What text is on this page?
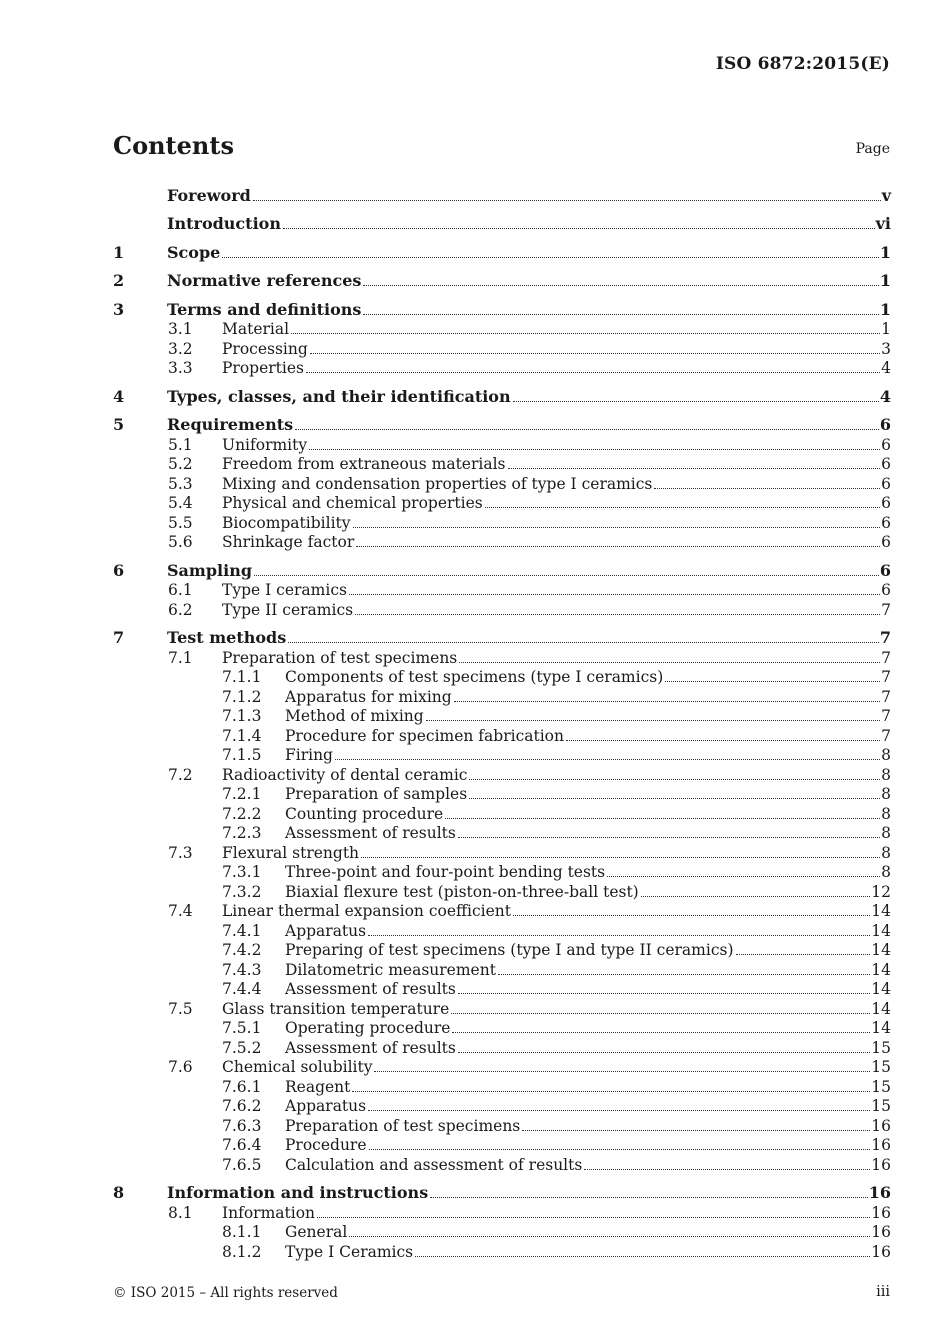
ISO 6872:2015(E)
Contents	Page
Foreword	v
Introduction	vi
1	Scope	1
2	Normative references	1
3	Terms and definitions	1
3.1	Material	1
3.2	Processing	3
3.3	Properties	4
4	Types, classes, and their identification	4
5	Requirements	6
5.1	Uniformity	6
5.2	Freedom from extraneous materials	6
5.3	Mixing and condensation properties of type I ceramics	6
5.4	Physical and chemical properties	6
5.5	Biocompatibility	6
5.6	Shrinkage factor	6
6	Sampling	6
6.1	Type I ceramics	6
6.2	Type II ceramics	7
7	Test methods	7
7.1	Preparation of test specimens	7
7.1.1	Components of test specimens (type I ceramics)	7
7.1.2	Apparatus for mixing	7
7.1.3	Method of mixing	7
7.1.4	Procedure for specimen fabrication	7
7.1.5	Firing	8
7.2	Radioactivity of dental ceramic	8
7.2.1	Preparation of samples	8
7.2.2	Counting procedure	8
7.2.3	Assessment of results	8
7.3	Flexural strength	8
7.3.1	Three-point and four-point bending tests	8
7.3.2	Biaxial flexure test (piston-on-three-ball test)	12
7.4	Linear thermal expansion coefficient	14
7.4.1	Apparatus	14
7.4.2	Preparing of test specimens (type I and type II ceramics)	14
7.4.3	Dilatometric measurement	14
7.4.4	Assessment of results	14
7.5	Glass transition temperature	14
7.5.1	Operating procedure	14
7.5.2	Assessment of results	15
7.6	Chemical solubility	15
7.6.1	Reagent	15
7.6.2	Apparatus	15
7.6.3	Preparation of test specimens	16
7.6.4	Procedure	16
7.6.5	Calculation and assessment of results	16
8	Information and instructions	16
8.1	Information	16
8.1.1	General	16
8.1.2	Type I Ceramics	16
© ISO 2015 – All rights reserved	iii
